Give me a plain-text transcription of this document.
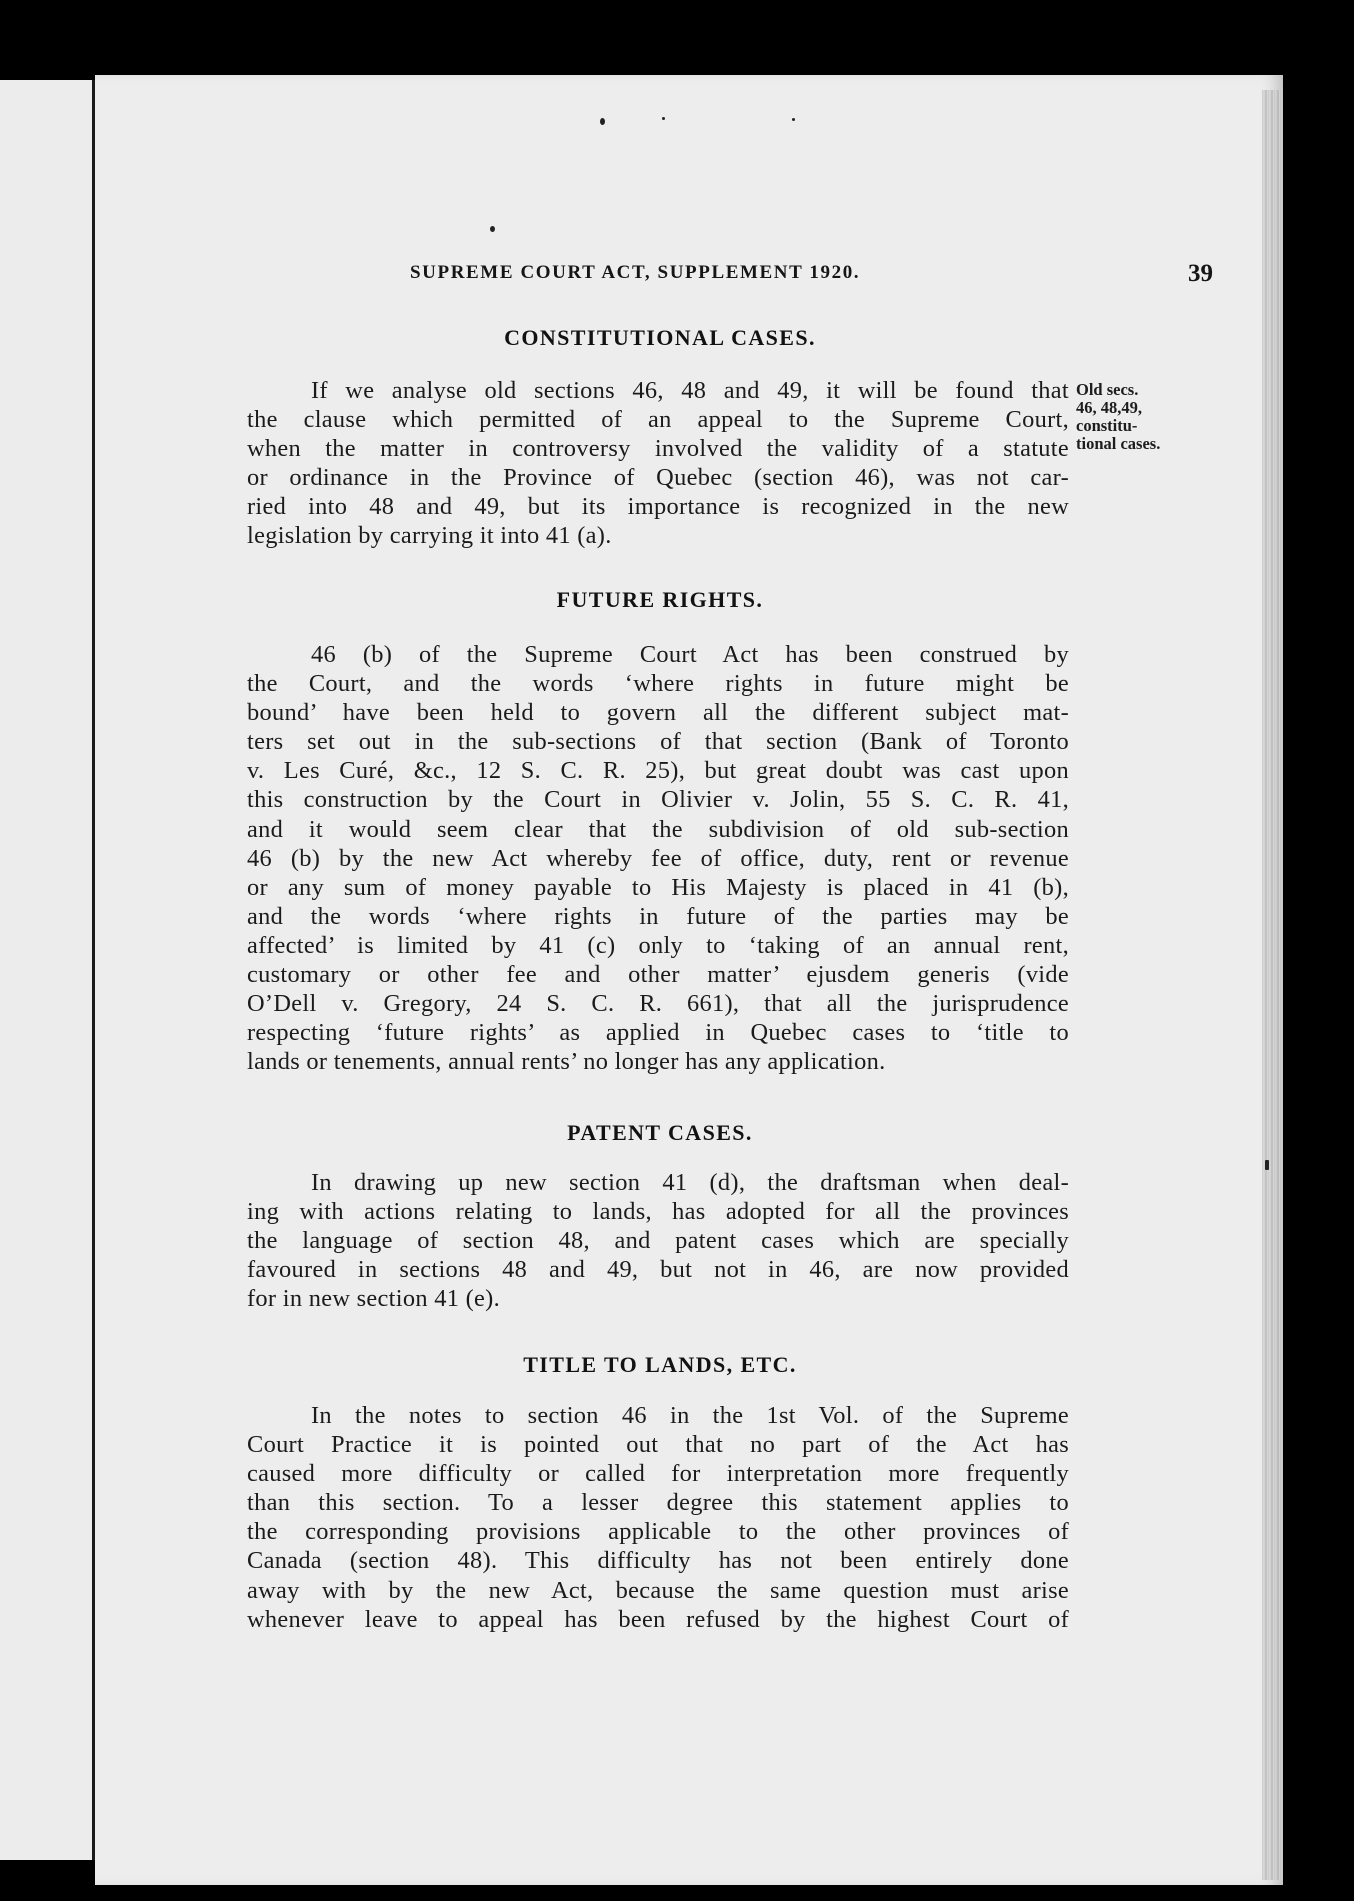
SUPREME COURT ACT, SUPPLEMENT 1920.	39
Old secs.
46, 48,49,
constitu-
tional cases.
CONSTITUTIONAL CASES.
If we analyse old sections 46, 48 and 49, it will be found that
the clause which permitted of an appeal to the Supreme Court,
when the matter in controversy involved the validity of a statute
or ordinance in the Province of Quebec (section 46), was not car-
ried into 48 and 49, but its importance is recognized in the new
legislation by carrying it into 41 (a).
FUTURE RIGHTS.
46 (b) of the Supreme Court Act has been construed by
the Court, and the words ‘where rights in future might be
bound’ have been held to govern all the different subject mat-
ters set out in the sub-sections of that section (Bank of Toronto
v. Les Curé, &c., 12 S. C. R. 25), but great doubt was cast upon
this construction by the Court in Olivier v. Jolin, 55 S. C. R. 41,
and it would seem clear that the subdivision of old sub-section
46 (b) by the new Act whereby fee of office, duty, rent or revenue
or any sum of money payable to His Majesty is placed in 41 (b),
and the words ‘where rights in future of the parties may be
affected’ is limited by 41 (c) only to ‘taking of an annual rent,
customary or other fee and other matter’ ejusdem generis (vide
O’Dell v. Gregory, 24 S. C. R. 661), that all the jurisprudence
respecting ‘future rights’ as applied in Quebec cases to ‘title to
lands or tenements, annual rents’ no longer has any application.
PATENT CASES.
In drawing up new section 41 (d), the draftsman when deal-
ing with actions relating to lands, has adopted for all the provinces
the language of section 48, and patent cases which are specially
favoured in sections 48 and 49, but not in 46, are now provided
for in new section 41 (e).
TITLE TO LANDS, ETC.
In the notes to section 46 in the 1st Vol. of the Supreme
Court Practice it is pointed out that no part of the Act has
caused more difficulty or called for interpretation more frequently
than this section. To a lesser degree this statement applies to
the corresponding provisions applicable to the other provinces of
Canada (section 48). This difficulty has not been entirely done
away with by the new Act, because the same question must arise
whenever leave to appeal has been refused by the highest Court of
